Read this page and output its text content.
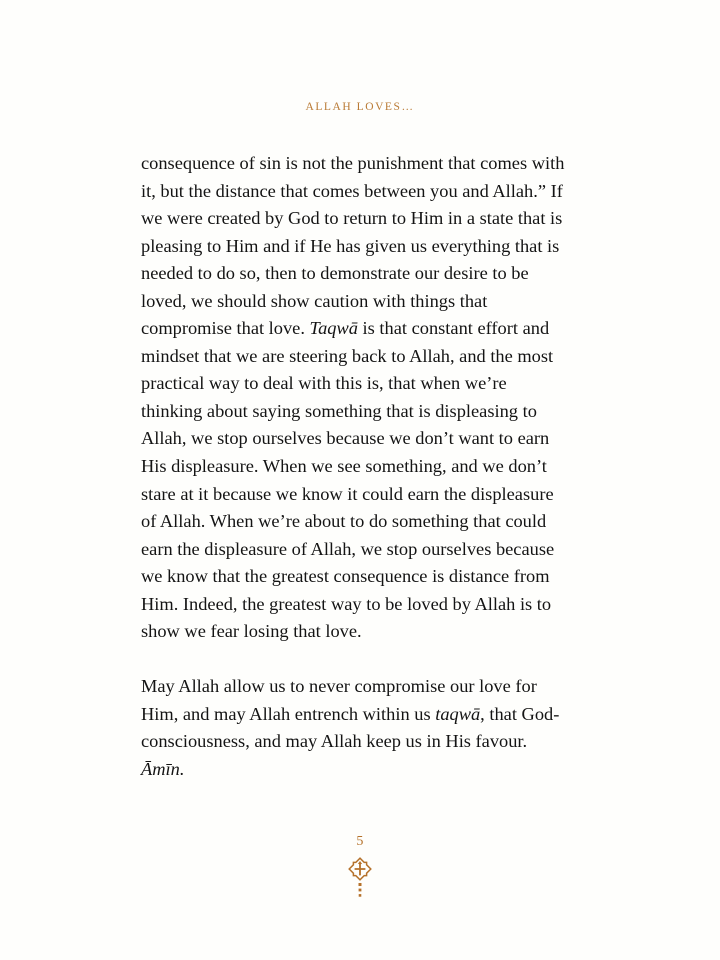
ALLAH LOVES…

consequence of sin is not the punishment that comes with it, but the distance that comes between you and Allah.” If we were created by God to return to Him in a state that is pleasing to Him and if He has given us everything that is needed to do so, then to demonstrate our desire to be loved, we should show caution with things that compromise that love. Taqwā is that constant effort and mindset that we are steering back to Allah, and the most practical way to deal with this is, that when we’re thinking about saying something that is displeasing to Allah, we stop ourselves because we don’t want to earn His displeasure. When we see something, and we don’t stare at it because we know it could earn the displeasure of Allah. When we’re about to do something that could earn the displeasure of Allah, we stop ourselves because we know that the greatest consequence is distance from Him. Indeed, the greatest way to be loved by Allah is to show we fear losing that love.

May Allah allow us to never compromise our love for Him, and may Allah entrench within us taqwā, that God-consciousness, and may Allah keep us in His favour. Āmīn.

5
